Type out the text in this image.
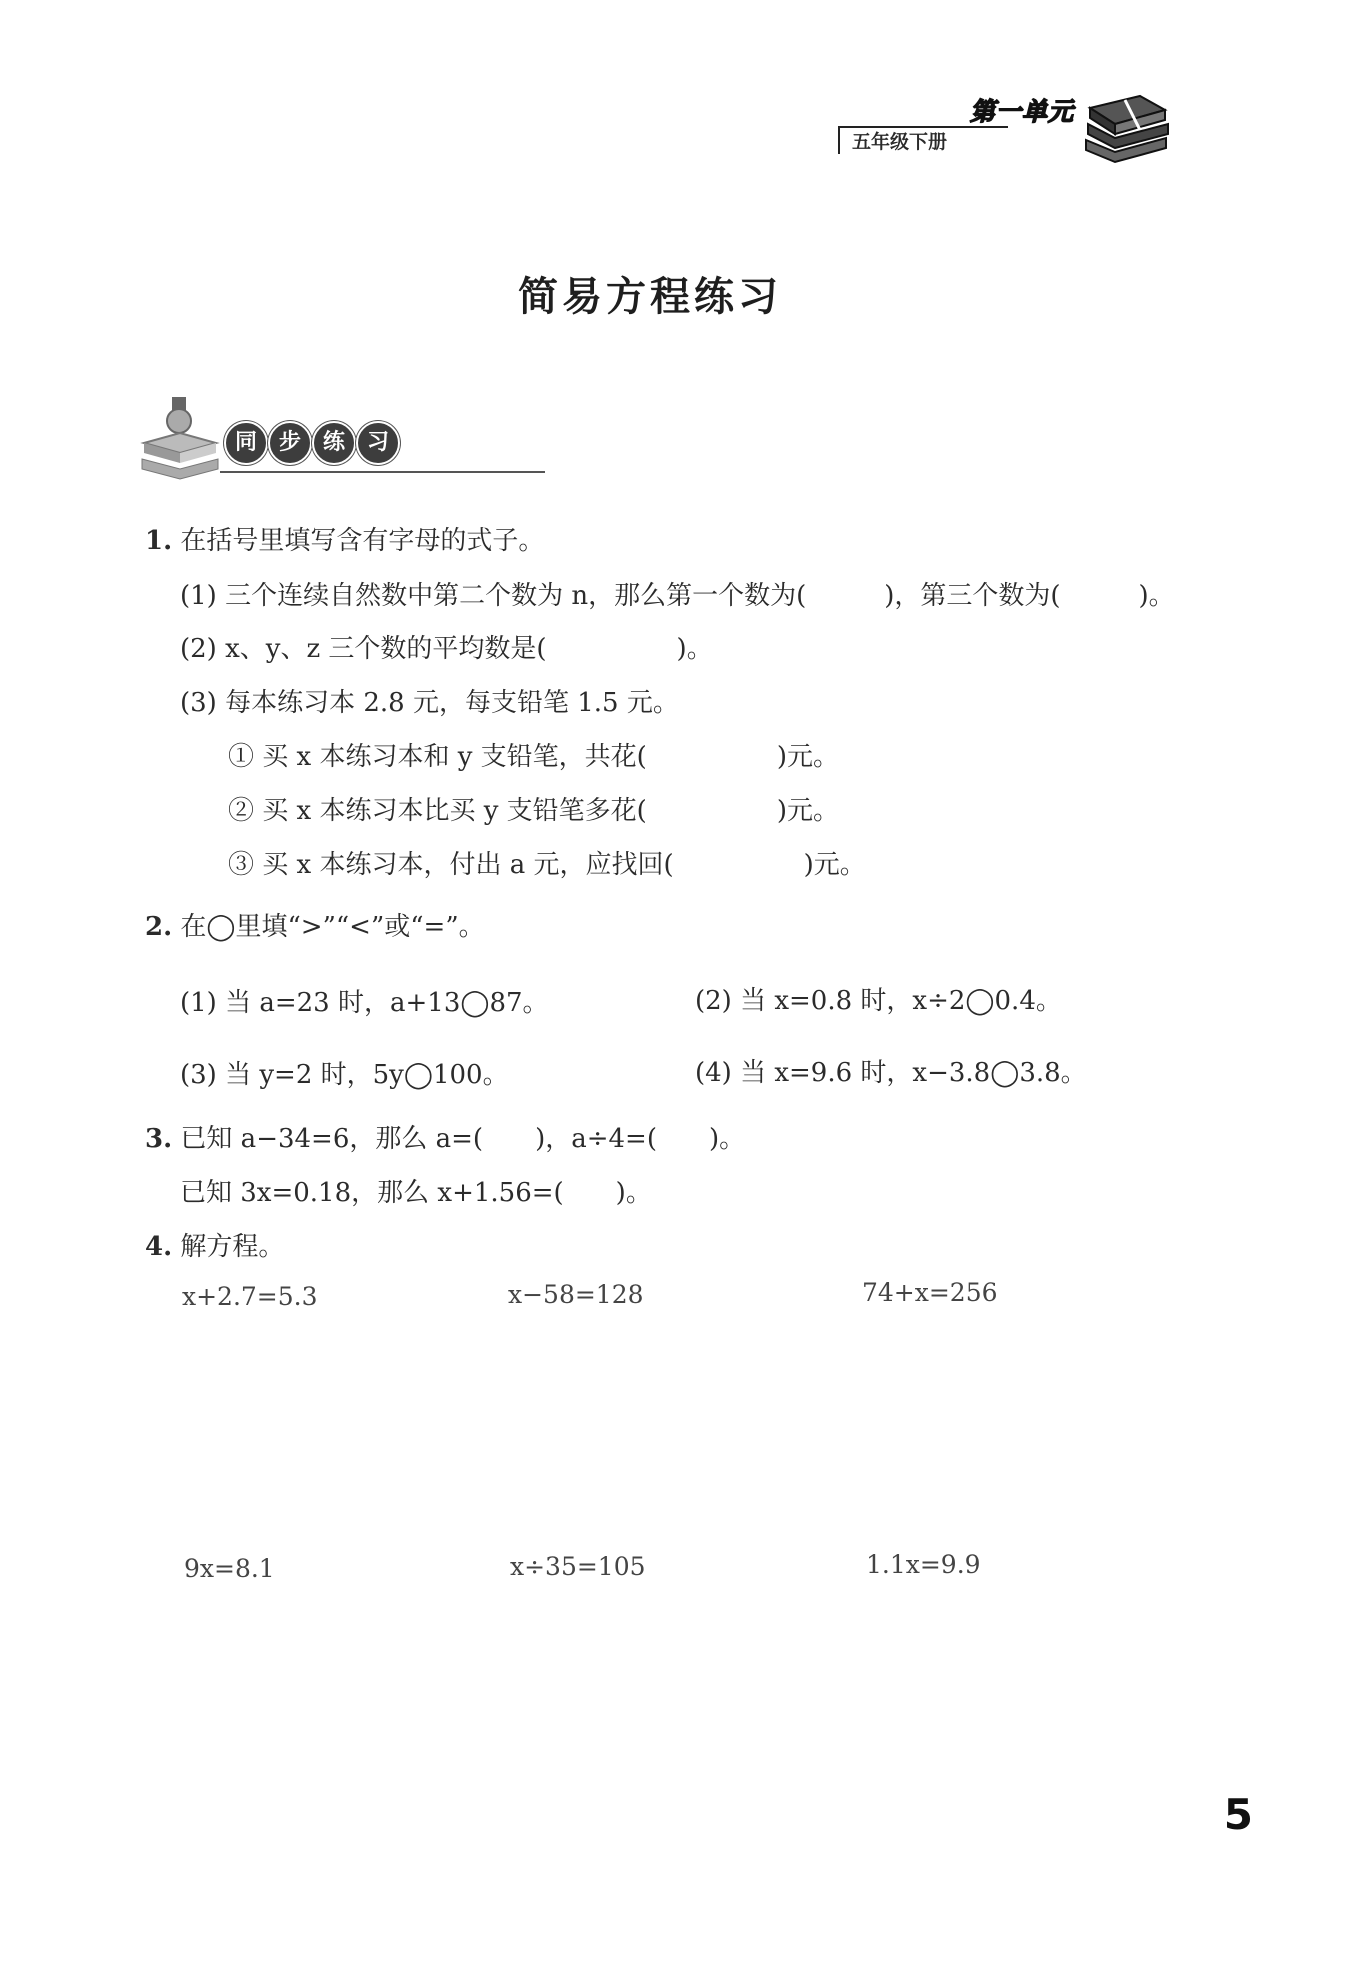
五年级下册
第一单元
简易方程练习
同 步 练 习
1. 在括号里填写含有字母的式子。
(1) 三个连续自然数中第二个数为 n，那么第一个数为(　　　)，第三个数为(　　　)。
(2) x、y、z 三个数的平均数是(　　　　　)。
(3) 每本练习本 2.8 元，每支铅笔 1.5 元。
① 买 x 本练习本和 y 支铅笔，共花(　　　　　)元。
② 买 x 本练习本比买 y 支铅笔多花(　　　　　)元。
③ 买 x 本练习本，付出 a 元，应找回(　　　　　)元。
2. 在◯里填“>”“<”或“=”。
(1) 当 a=23 时，a+13◯87。	(2) 当 x=0.8 时，x÷2◯0.4。
(3) 当 y=2 时，5y◯100。	(4) 当 x=9.6 时，x−3.8◯3.8。
3. 已知 a−34=6，那么 a=(　　)，a÷4=(　　)。
已知 3x=0.18，那么 x+1.56=(　　)。
4. 解方程。
x+2.7=5.3	x−58=128	74+x=256
9x=8.1	x÷35=105	1.1x=9.9
5
